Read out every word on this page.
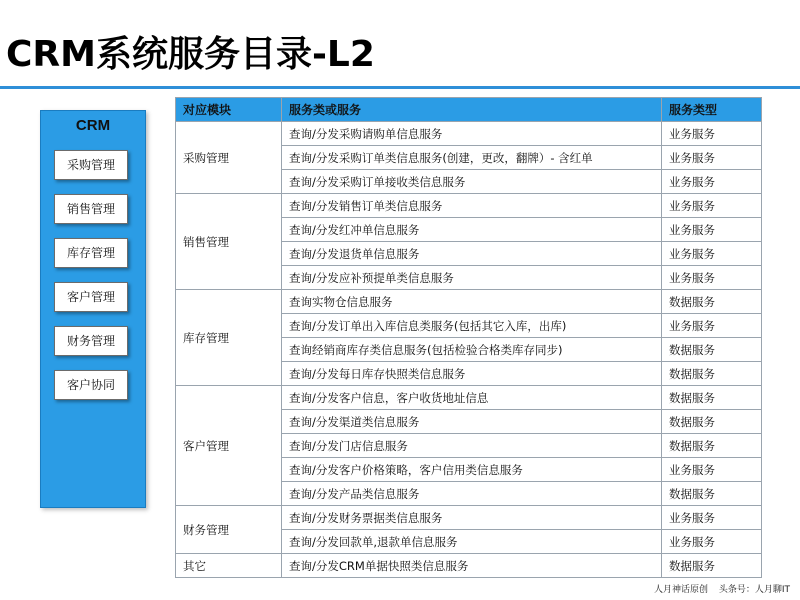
CRM系统服务目录-L2
CRM
采购管理
销售管理
库存管理
客户管理
财务管理
客户协同
对应模块	服务类或服务	服务类型
采购管理	查询/分发采购请购单信息服务	业务服务
	查询/分发采购订单类信息服务(创建，更改，翻牌）- 含红单	业务服务
	查询/分发采购订单接收类信息服务	业务服务
销售管理	查询/分发销售订单类信息服务	业务服务
	查询/分发红冲单信息服务	业务服务
	查询/分发退货单信息服务	业务服务
	查询/分发应补预提单类信息服务	业务服务
库存管理	查询实物仓信息服务	数据服务
	查询/分发订单出入库信息类服务(包括其它入库，出库)	业务服务
	查询经销商库存类信息服务(包括检验合格类库存同步)	数据服务
	查询/分发每日库存快照类信息服务	数据服务
客户管理	查询/分发客户信息，客户收货地址信息	数据服务
	查询/分发渠道类信息服务	数据服务
	查询/分发门店信息服务	数据服务
	查询/分发客户价格策略，客户信用类信息服务	业务服务
	查询/分发产品类信息服务	数据服务
财务管理	查询/分发财务票据类信息服务	业务服务
	查询/分发回款单,退款单信息服务	业务服务
其它	查询/分发CRM单据快照类信息服务	数据服务
人月神话原创 头条号：人月聊IT
